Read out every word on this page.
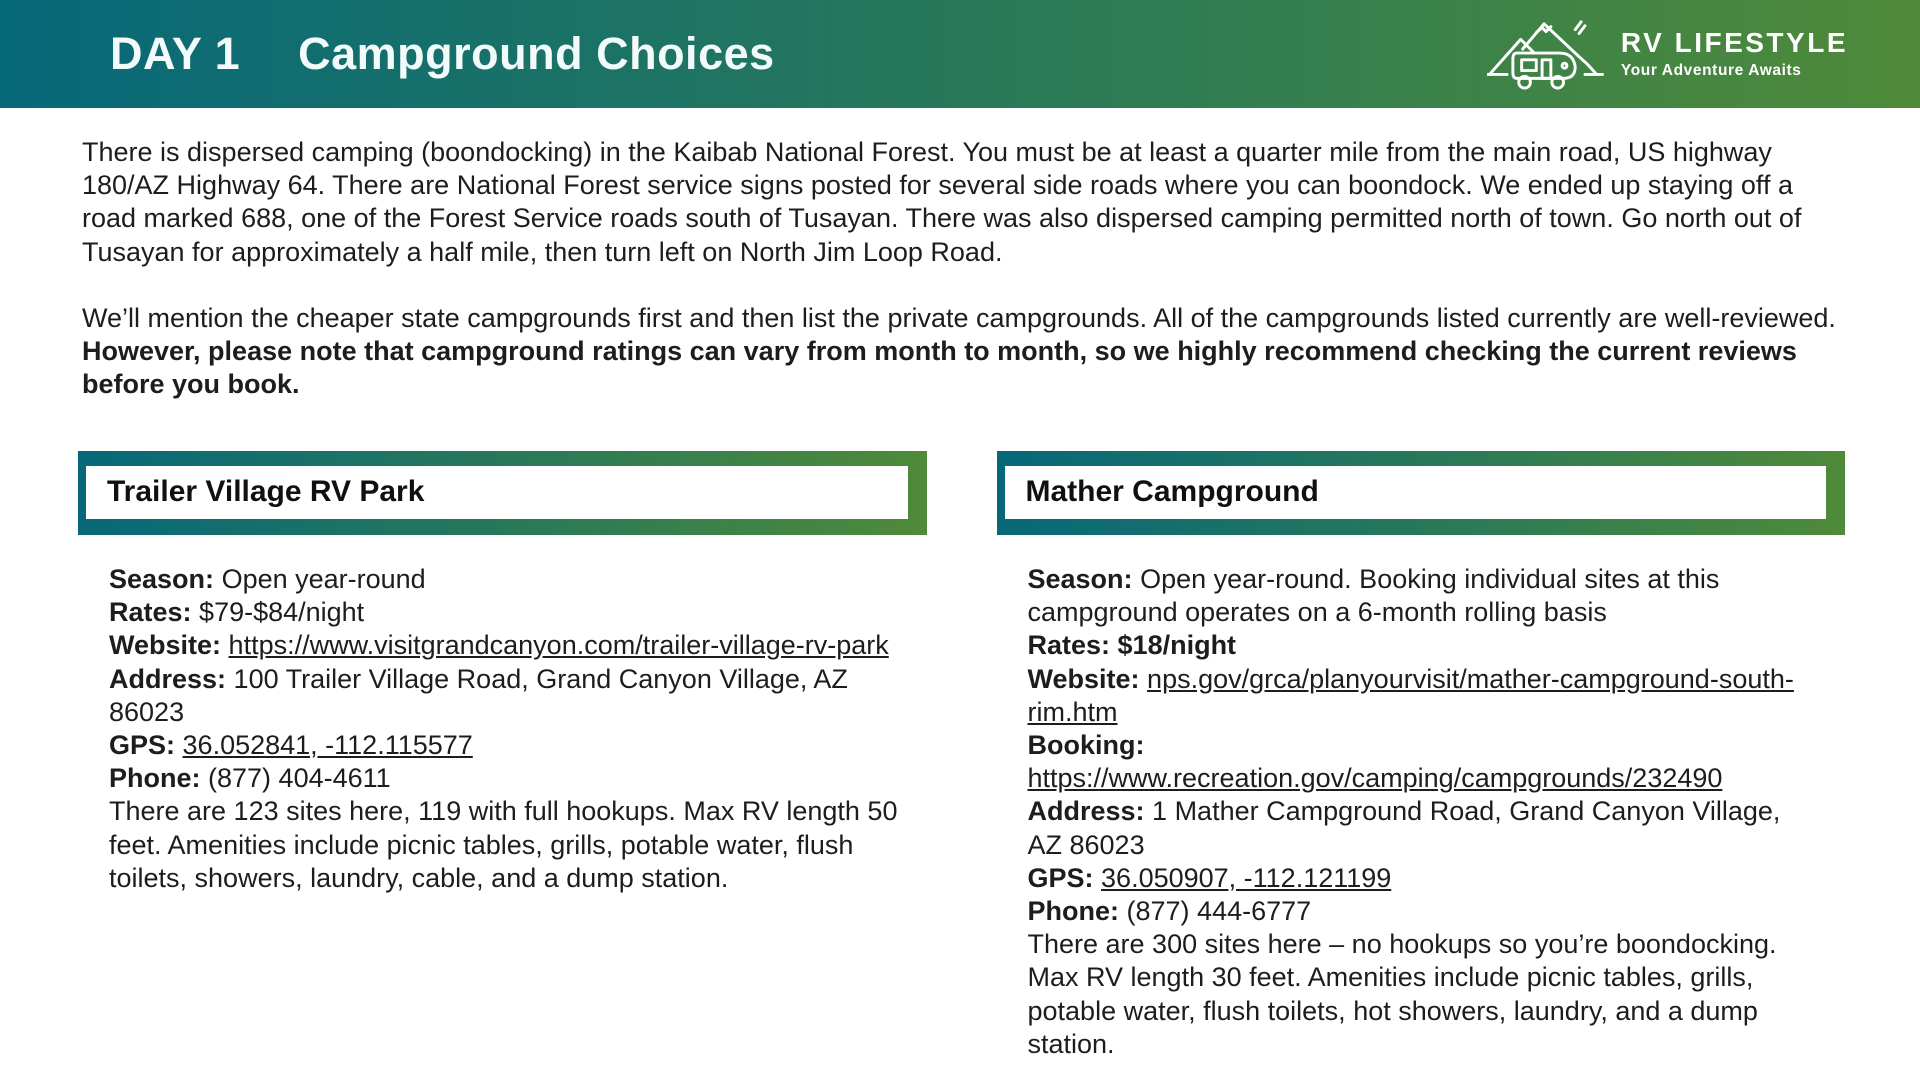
DAY 1 Campground Choices	RV LIFESTYLE
Your Adventure Awaits

There is dispersed camping (boondocking) in the Kaibab National Forest. You must be at least a quarter mile from the main road, US highway 180/AZ Highway 64. There are National Forest service signs posted for several side roads where you can boondock. We ended up staying off a road marked 688, one of the Forest Service roads south of Tusayan. There was also dispersed camping permitted north of town. Go north out of Tusayan for approximately a half mile, then turn left on North Jim Loop Road.

We’ll mention the cheaper state campgrounds first and then list the private campgrounds. All of the campgrounds listed currently are well-reviewed. However, please note that campground ratings can vary from month to month, so we highly recommend checking the current reviews before you book.

Trailer Village RV Park

Season: Open year-round

Rates: $79-$84/night

Website: https://www.visitgrandcanyon.com/trailer-village-rv-park

Address: 100 Trailer Village Road, Grand Canyon Village, AZ 86023

GPS: 36.052841, -112.115577

Phone: (877) 404-4611

There are 123 sites here, 119 with full hookups. Max RV length 50 feet. Amenities include picnic tables, grills, potable water, flush toilets, showers, laundry, cable, and a dump station.

Mather Campground

Season: Open year-round. Booking individual sites at this campground operates on a 6-month rolling basis

Rates: $18/night

Website: nps.gov/grca/planyourvisit/mather-campground-south-rim.htm

Booking: https://www.recreation.gov/camping/campgrounds/232490

Address: 1 Mather Campground Road, Grand Canyon Village, AZ 86023

GPS: 36.050907, -112.121199

Phone: (877) 444-6777

There are 300 sites here – no hookups so you’re boondocking. Max RV length 30 feet. Amenities include picnic tables, grills, potable water, flush toilets, hot showers, laundry, and a dump station.
